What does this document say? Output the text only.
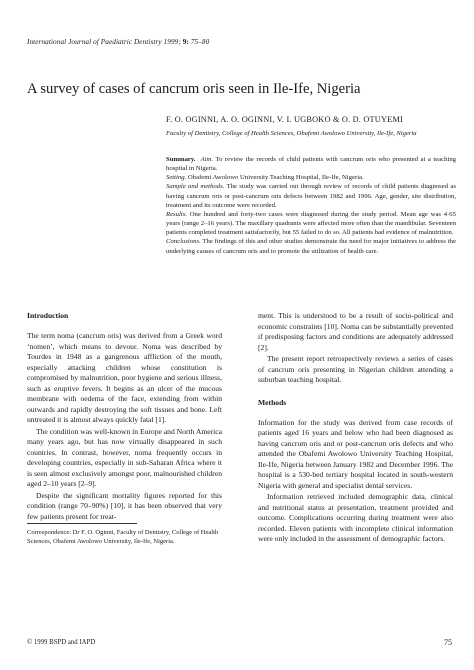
International Journal of Paediatric Dentistry 1999; 9: 75–80
A survey of cases of cancrum oris seen in Ile-Ife, Nigeria
F. O. OGINNI, A. O. OGINNI, V. I. UGBOKO & O. D. OTUYEMI
Faculty of Dentistry, College of Health Sciences, Obafemi Awolowo University, Ile-Ife, Nigeria

Summary. Aim. To review the records of child patients with cancrum oris who presented at a teaching hospital in Nigeria.

Setting. Obafemi Awolowo University Teaching Hospital, Ile-Ife, Nigeria.

Sample and methods. The study was carried out through review of records of child patients diagnosed as having cancrum oris or post-cancrum oris defects between 1982 and 1996. Age, gender, site distribution, treatment and its outcome were recorded.

Results. One hundred and forty-two cases were diagnosed during the study period. Mean age was 4·65 years (range 2–16 years). The maxillary quadrants were affected more often than the mandibular. Seventeen patients completed treatment satisfactorily, but 55 failed to do so. All patients had evidence of malnutrition.

Conclusions. The findings of this and other studies demonstrate the need for major initiatives to address the underlying causes of cancrum oris and to promote the utilization of health care.

Introduction

The term noma (cancrum oris) was derived from a Greek word ‘nomen’, which means to devour. Noma was described by Tourdes in 1948 as a gangrenous affliction of the mouth, especially attacking children whose constitution is compromised by malnutrition, poor hygiene and serious illness, such as eruptive fevers. It begins as an ulcer of the mucous membrane with oedema of the face, extending from within outwards and rapidly destroying the soft tissues and bone. Left untreated it is almost always quickly fatal [1].

The condition was well-known in Europe and North America many years ago, but has now virtually disappeared in such countries. In contrast, however, noma frequently occurs in developing countries, especially in sub-Saharan Africa where it is seen almost exclusively amongst poor, malnourished children aged 2–10 years [2–9].

Despite the significant mortality figures reported for this condition (range 70–90%) [10], it has been observed that very few patients present for treat-

ment. This is understood to be a result of socio-political and economic constraints [10]. Noma can be substantially prevented if predisposing factors and conditions are adequately addressed [2].

The present report retrospectively reviews a series of cases of cancrum oris presenting in Nigerian children attending a suburban teaching hospital.

Methods

Information for the study was derived from case records of patients aged 16 years and below who had been diagnosed as having cancrum oris and or post-cancrum oris defects and who attended the Obafemi Awolowo University Teaching Hospital, Ile-Ife, Nigeria between January 1982 and December 1996. The hospital is a 530-bed tertiary hospital located in south-western Nigeria with general and specialist dental services.

Information retrieved included demographic data, clinical and nutritional status at presentation, treatment provided and outcome. Complications occurring during treatment were also recorded. Eleven patients with incomplete clinical information were only included in the assessment of demographic factors.

Correspondence: Dr F. O. Oginni, Faculty of Dentistry, College of Health Sciences, Obafemi Awolowo University, Ile-Ife, Nigeria.
© 1999 BSPD and IAPD	75
